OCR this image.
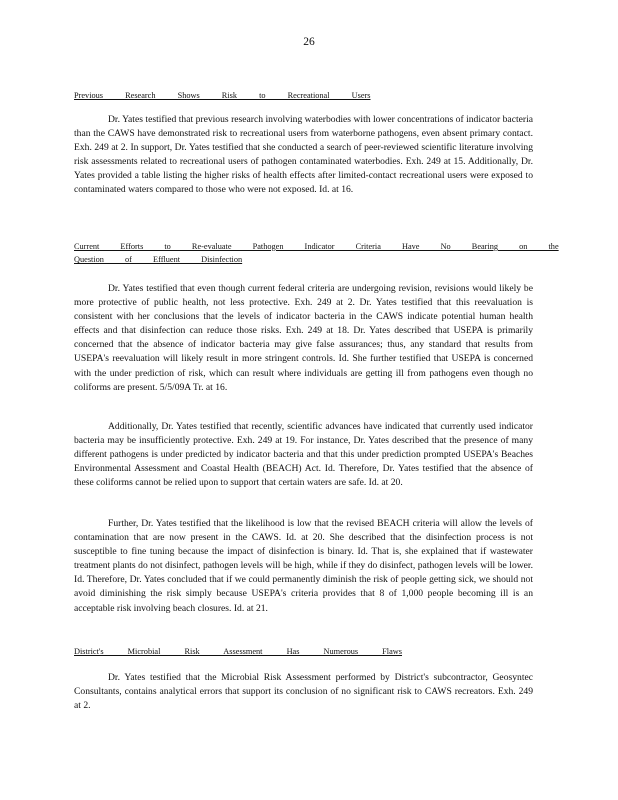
26
Previous Research Shows Risk to Recreational Users

Dr. Yates testified that previous research involving waterbodies with lower concentrations of indicator bacteria than the CAWS have demonstrated risk to recreational users from waterborne pathogens, even absent primary contact. Exh. 249 at 2. In support, Dr. Yates testified that she conducted a search of peer-reviewed scientific literature involving risk assessments related to recreational users of pathogen contaminated waterbodies. Exh. 249 at 15. Additionally, Dr. Yates provided a table listing the higher risks of health effects after limited-contact recreational users were exposed to contaminated waters compared to those who were not exposed. Id. at 16.

Current Efforts to Re-evaluate Pathogen Indicator Criteria Have No Bearing on the
Question of Effluent Disinfection

Dr. Yates testified that even though current federal criteria are undergoing revision, revisions would likely be more protective of public health, not less protective. Exh. 249 at 2. Dr. Yates testified that this reevaluation is consistent with her conclusions that the levels of indicator bacteria in the CAWS indicate potential human health effects and that disinfection can reduce those risks. Exh. 249 at 18. Dr. Yates described that USEPA is primarily concerned that the absence of indicator bacteria may give false assurances; thus, any standard that results from USEPA's reevaluation will likely result in more stringent controls. Id. She further testified that USEPA is concerned with the under prediction of risk, which can result where individuals are getting ill from pathogens even though no coliforms are present. 5/5/09A Tr. at 16.

Additionally, Dr. Yates testified that recently, scientific advances have indicated that currently used indicator bacteria may be insufficiently protective. Exh. 249 at 19. For instance, Dr. Yates described that the presence of many different pathogens is under predicted by indicator bacteria and that this under prediction prompted USEPA's Beaches Environmental Assessment and Coastal Health (BEACH) Act. Id. Therefore, Dr. Yates testified that the absence of these coliforms cannot be relied upon to support that certain waters are safe. Id. at 20.

Further, Dr. Yates testified that the likelihood is low that the revised BEACH criteria will allow the levels of contamination that are now present in the CAWS. Id. at 20. She described that the disinfection process is not susceptible to fine tuning because the impact of disinfection is binary. Id. That is, she explained that if wastewater treatment plants do not disinfect, pathogen levels will be high, while if they do disinfect, pathogen levels will be lower. Id. Therefore, Dr. Yates concluded that if we could permanently diminish the risk of people getting sick, we should not avoid diminishing the risk simply because USEPA's criteria provides that 8 of 1,000 people becoming ill is an acceptable risk involving beach closures. Id. at 21.

District's Microbial Risk Assessment Has Numerous Flaws

Dr. Yates testified that the Microbial Risk Assessment performed by District's subcontractor, Geosyntec Consultants, contains analytical errors that support its conclusion of no significant risk to CAWS recreators. Exh. 249 at 2.
